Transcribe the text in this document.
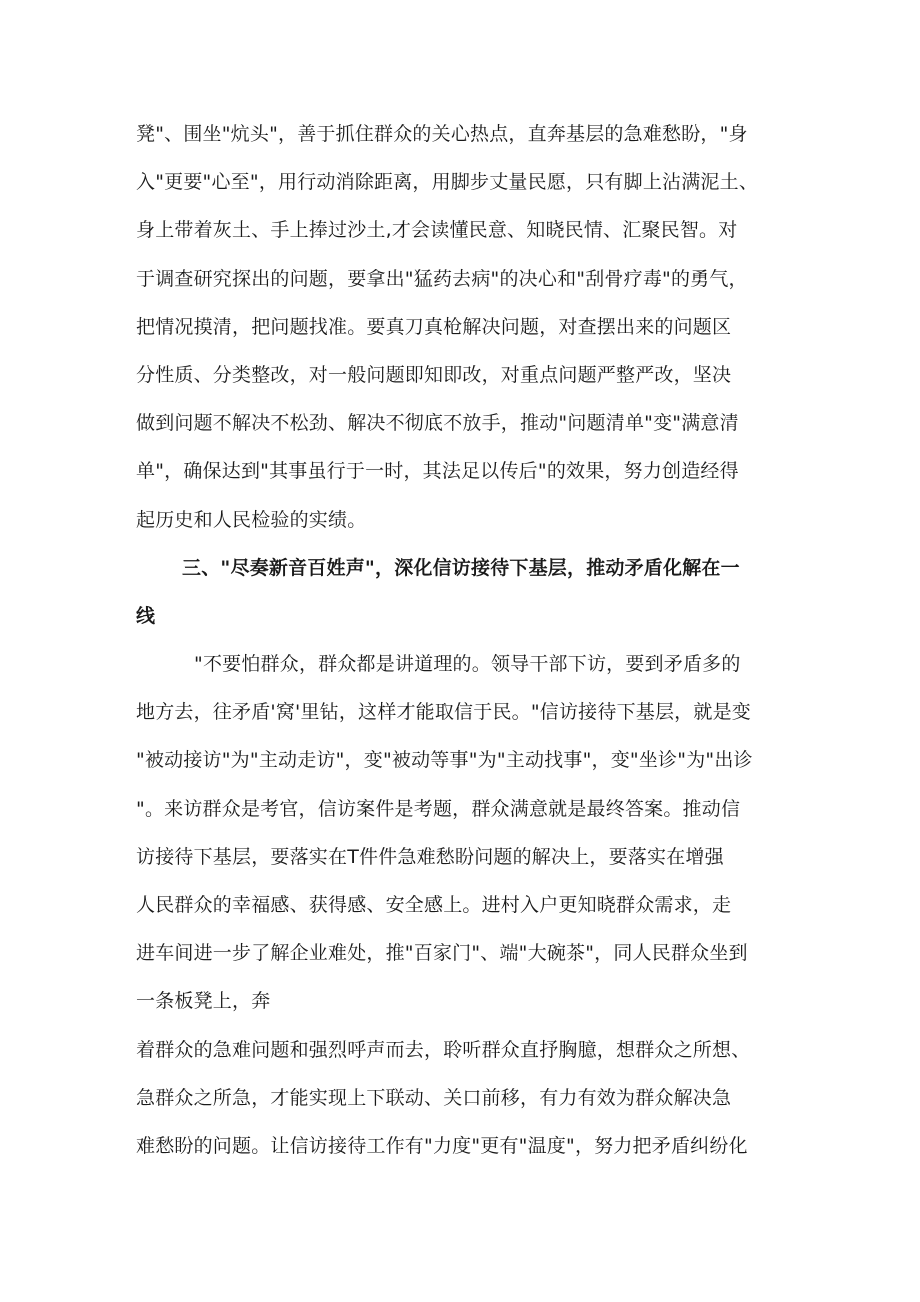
凳"、围坐"炕头"，善于抓住群众的关心热点，直奔基层的急难愁盼，"身
入"更要"心至"，用行动消除距离，用脚步丈量民愿，只有脚上沾满泥土、
身上带着灰土、手上捧过沙土,才会读懂民意、知晓民情、汇聚民智。对
于调查研究探出的问题，要拿出"猛药去病"的决心和"刮骨疗毒"的勇气，
把情况摸清，把问题找准。要真刀真枪解决问题，对查摆出来的问题区
分性质、分类整改，对一般问题即知即改，对重点问题严整严改，坚决
做到问题不解决不松劲、解决不彻底不放手，推动"问题清单"变"满意清
单"，确保达到"其事虽行于一时，其法足以传后"的效果，努力创造经得
起历史和人民检验的实绩。
三、"尽奏新音百姓声"，深化信访接待下基层，推动矛盾化解在一
线
"不要怕群众，群众都是讲道理的。领导干部下访，要到矛盾多的
地方去，往矛盾'窝'里钻，这样才能取信于民。"信访接待下基层，就是变
"被动接访"为"主动走访"，变"被动等事"为"主动找事"，变"坐诊"为"出诊
"。来访群众是考官，信访案件是考题，群众满意就是最终答案。推动信
访接待下基层，要落实在T件件急难愁盼问题的解决上，要落实在增强
人民群众的幸福感、获得感、安全感上。进村入户更知晓群众需求，走
进车间进一步了解企业难处，推"百家门"、端"大碗茶"，同人民群众坐到
一条板凳上，奔
着群众的急难问题和强烈呼声而去，聆听群众直抒胸臆，想群众之所想、
急群众之所急，才能实现上下联动、关口前移，有力有效为群众解决急
难愁盼的问题。让信访接待工作有"力度"更有"温度"，努力把矛盾纠纷化
